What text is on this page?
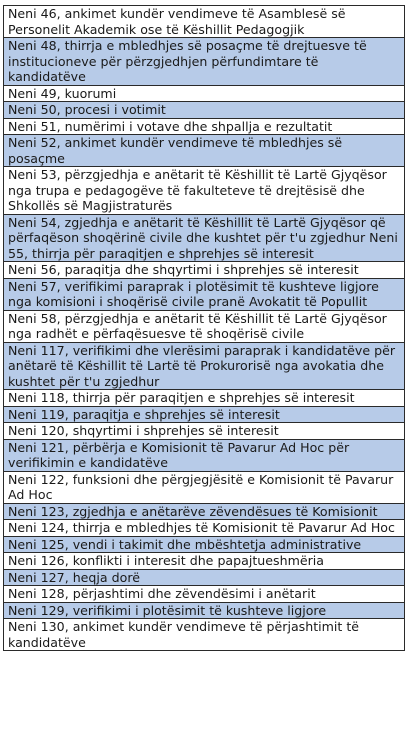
Neni 46, ankimet kundër vendimeve të Asamblesë së Personelit Akademik ose të Këshillit Pedagogjik
Neni 48, thirrja e mbledhjes së posaçme të drejtuesve të institucioneve për përzgjedhjen përfundimtare të kandidatëve
Neni 49, kuorumi
Neni 50, procesi i votimit
Neni 51, numërimi i votave dhe shpallja e rezultatit
Neni 52, ankimet kundër vendimeve të mbledhjes së posaçme
Neni 53, përzgjedhja e anëtarit të Këshillit të Lartë Gjyqësor nga trupa e pedagogëve të fakulteteve të drejtësisë dhe Shkollës së Magjistraturës
Neni 54, zgjedhja e anëtarit të Këshillit të Lartë Gjyqësor që përfaqëson shoqërinë civile dhe kushtet për t'u zgjedhur Neni 55, thirrja për paraqitjen e shprehjes së interesit
Neni 56, paraqitja dhe shqyrtimi i shprehjes së interesit
Neni 57, verifikimi paraprak i plotësimit të kushteve ligjore nga komisioni i shoqërisë civile pranë Avokatit të Popullit
Neni 58, përzgjedhja e anëtarit të Këshillit të Lartë Gjyqësor nga radhët e përfaqësuesve të shoqërisë civile
Neni 117, verifikimi dhe vlerësimi paraprak i kandidatëve për anëtarë të Këshillit të Lartë të Prokurorisë nga avokatia dhe kushtet për t'u zgjedhur
Neni 118, thirrja për paraqitjen e shprehjes së interesit
Neni 119, paraqitja e shprehjes së interesit
Neni 120, shqyrtimi i shprehjes së interesit
Neni 121, përbërja e Komisionit të Pavarur Ad Hoc për verifikimin e kandidatëve
Neni 122, funksioni dhe përgjegjësitë e Komisionit të Pavarur Ad Hoc
Neni 123, zgjedhja e anëtarëve zëvendësues të Komisionit
Neni 124, thirrja e mbledhjes të Komisionit të Pavarur Ad Hoc
Neni 125, vendi i takimit dhe mbështetja administrative
Neni 126, konflikti i interesit dhe papajtueshmëria
Neni 127, heqja dorë
Neni 128, përjashtimi dhe zëvendësimi i anëtarit
Neni 129, verifikimi i plotësimit të kushteve ligjore
Neni 130, ankimet kundër vendimeve të përjashtimit të kandidatëve
